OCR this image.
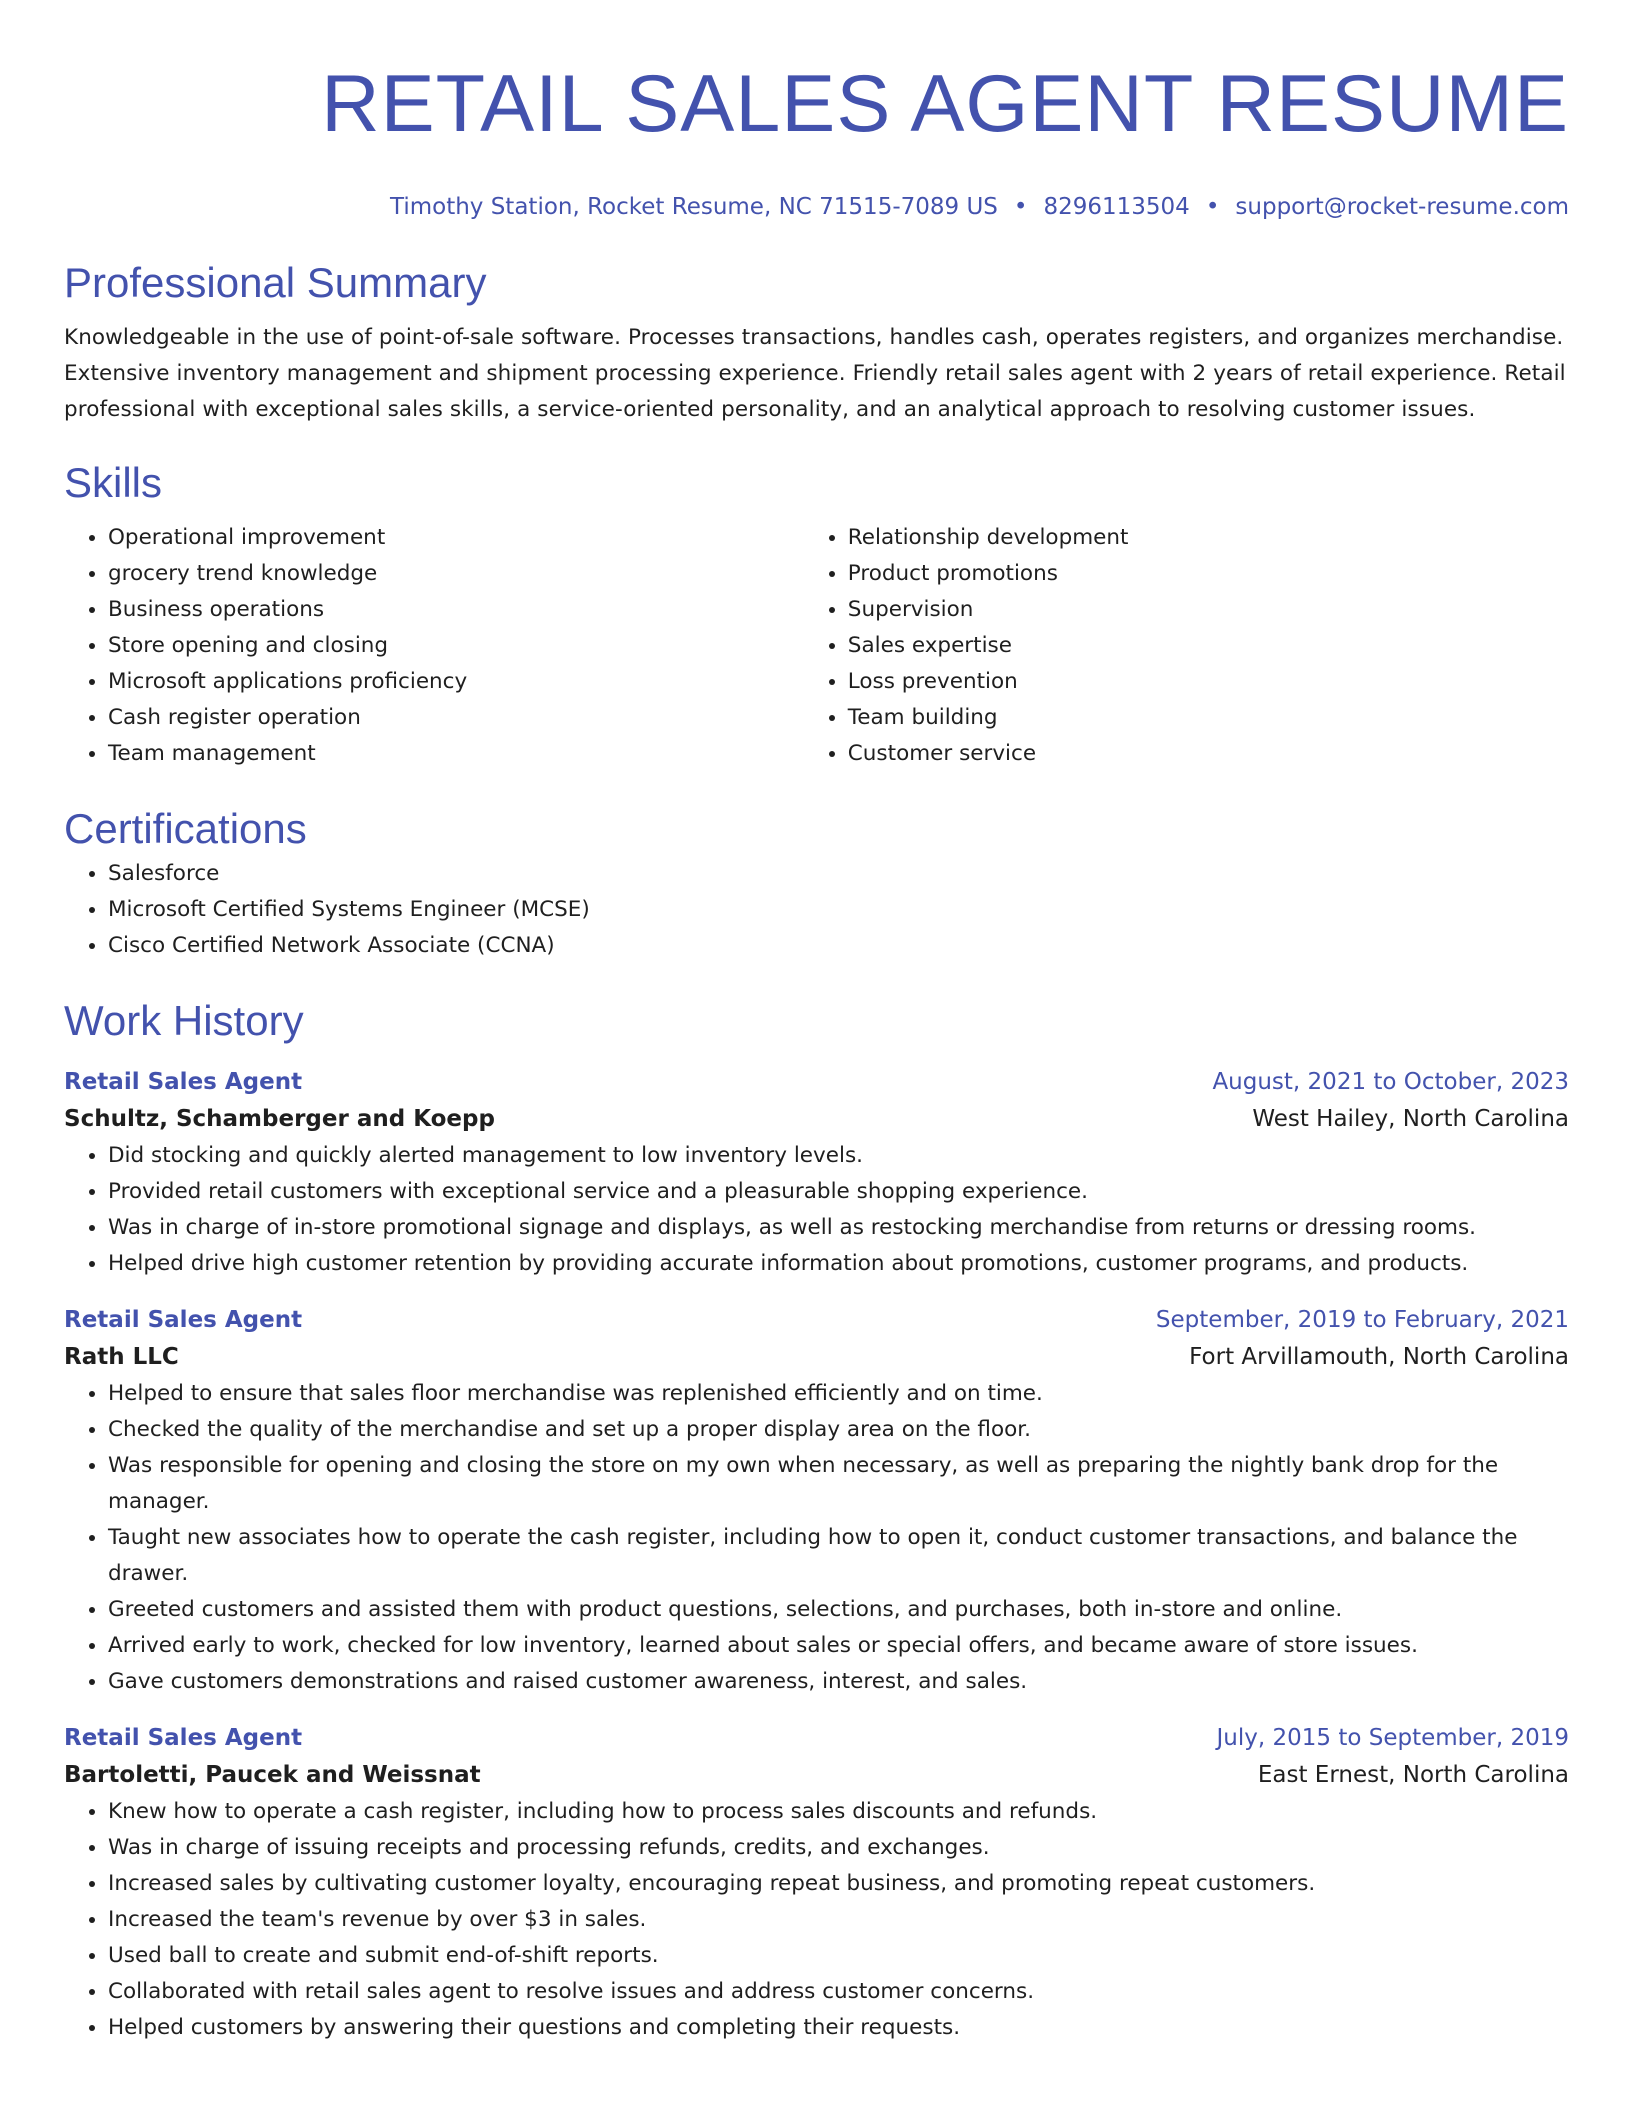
RETAIL SALES AGENT RESUME
Timothy Station, Rocket Resume, NC 71515-7089 US • 8296113504 • support@rocket-resume.com
Professional Summary

Knowledgeable in the use of point-of-sale software. Processes transactions, handles cash, operates registers, and organizes merchandise. Extensive inventory management and shipment processing experience. Friendly retail sales agent with 2 years of retail experience. Retail professional with exceptional sales skills, a service-oriented personality, and an analytical approach to resolving customer issues.

Skills
• Operational improvement
• grocery trend knowledge
• Business operations
• Store opening and closing
• Microsoft applications proficiency
• Cash register operation
• Team management
• Relationship development
• Product promotions
• Supervision
• Sales expertise
• Loss prevention
• Team building
• Customer service
Certifications
• Salesforce
• Microsoft Certified Systems Engineer (MCSE)
• Cisco Certified Network Associate (CCNA)
Work History
Retail Sales Agent	August, 2021 to October, 2023
Schultz, Schamberger and Koepp	West Hailey, North Carolina
• Did stocking and quickly alerted management to low inventory levels.
• Provided retail customers with exceptional service and a pleasurable shopping experience.
• Was in charge of in-store promotional signage and displays, as well as restocking merchandise from returns or dressing rooms.
• Helped drive high customer retention by providing accurate information about promotions, customer programs, and products.
Retail Sales Agent	September, 2019 to February, 2021
Rath LLC	Fort Arvillamouth, North Carolina
• Helped to ensure that sales floor merchandise was replenished efficiently and on time.
• Checked the quality of the merchandise and set up a proper display area on the floor.
• Was responsible for opening and closing the store on my own when necessary, as well as preparing the nightly bank drop for the manager.
• Taught new associates how to operate the cash register, including how to open it, conduct customer transactions, and balance the drawer.
• Greeted customers and assisted them with product questions, selections, and purchases, both in-store and online.
• Arrived early to work, checked for low inventory, learned about sales or special offers, and became aware of store issues.
• Gave customers demonstrations and raised customer awareness, interest, and sales.
Retail Sales Agent	July, 2015 to September, 2019
Bartoletti, Paucek and Weissnat	East Ernest, North Carolina
• Knew how to operate a cash register, including how to process sales discounts and refunds.
• Was in charge of issuing receipts and processing refunds, credits, and exchanges.
• Increased sales by cultivating customer loyalty, encouraging repeat business, and promoting repeat customers.
• Increased the team's revenue by over $3 in sales.
• Used ball to create and submit end-of-shift reports.
• Collaborated with retail sales agent to resolve issues and address customer concerns.
• Helped customers by answering their questions and completing their requests.
